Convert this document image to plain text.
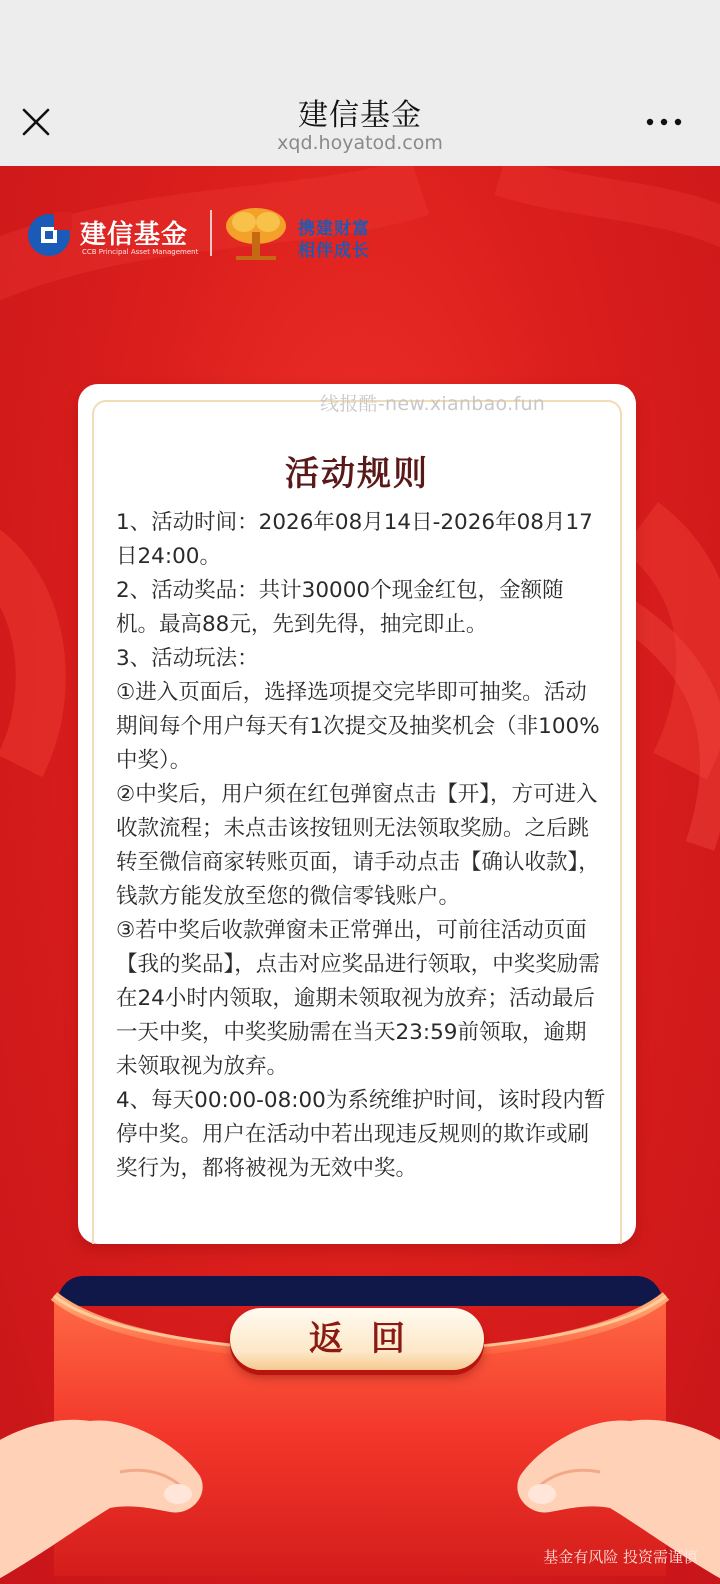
建信基金
xqd.hoyatod.com
建信基金
CCB Principal Asset Management
携建财富
相伴成长
线报酷-new.xianbao.fun
活动规则

1、活动时间：2026年08月14日-2026年08月17日24:00。

2、活动奖品：共计30000个现金红包，金额随机。最高88元，先到先得，抽完即止。

3、活动玩法：

①进入页面后，选择选项提交完毕即可抽奖。活动期间每个用户每天有1次提交及抽奖机会（非100%中奖）。

②中奖后，用户须在红包弹窗点击【开】，方可进入收款流程；未点击该按钮则无法领取奖励。之后跳转至微信商家转账页面，请手动点击【确认收款】，钱款方能发放至您的微信零钱账户。

③若中奖后收款弹窗未正常弹出，可前往活动页面【我的奖品】，点击对应奖品进行领取，中奖奖励需在24小时内领取，逾期未领取视为放弃；活动最后一天中奖，中奖奖励需在当天23:59前领取，逾期未领取视为放弃。

4、每天00:00-08:00为系统维护时间，该时段内暂停中奖。用户在活动中若出现违反规则的欺诈或刷奖行为，都将被视为无效中奖。

返回
基金有风险 投资需谨慎
